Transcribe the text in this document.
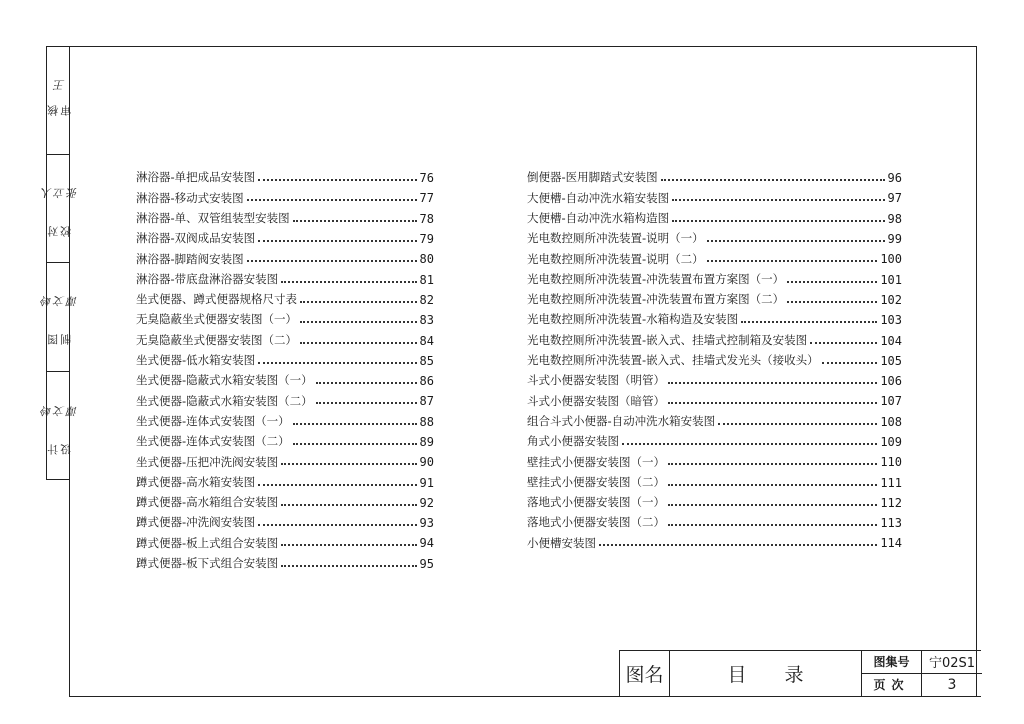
审核 王
校对 张立人
制图 谭文岭
设计 谭文岭
淋浴器-单把成品安装图	76
淋浴器-移动式安装图	77
淋浴器-单、双管组装型安装图	78
淋浴器-双阀成品安装图	79
淋浴器-脚踏阀安装图	80
淋浴器-带底盘淋浴器安装图	81
坐式便器、蹲式便器规格尺寸表	82
无臭隐蔽坐式便器安装图（一）	83
无臭隐蔽坐式便器安装图（二）	84
坐式便器-低水箱安装图	85
坐式便器-隐蔽式水箱安装图（一）	86
坐式便器-隐蔽式水箱安装图（二）	87
坐式便器-连体式安装图（一）	88
坐式便器-连体式安装图（二）	89
坐式便器-压把冲洗阀安装图	90
蹲式便器-高水箱安装图	91
蹲式便器-高水箱组合安装图	92
蹲式便器-冲洗阀安装图	93
蹲式便器-板上式组合安装图	94
蹲式便器-板下式组合安装图	95
倒便器-医用脚踏式安装图	96
大便槽-自动冲洗水箱安装图	97
大便槽-自动冲洗水箱构造图	98
光电数控厕所冲洗装置-说明（一）	99
光电数控厕所冲洗装置-说明（二）	100
光电数控厕所冲洗装置-冲洗装置布置方案图（一）	101
光电数控厕所冲洗装置-冲洗装置布置方案图（二）	102
光电数控厕所冲洗装置-水箱构造及安装图	103
光电数控厕所冲洗装置-嵌入式、挂墙式控制箱及安装图	104
光电数控厕所冲洗装置-嵌入式、挂墙式发光头（接收头）	105
斗式小便器安装图（明管）	106
斗式小便器安装图（暗管）	107
组合斗式小便器-自动冲洗水箱安装图	108
角式小便器安装图	109
壁挂式小便器安装图（一）	110
壁挂式小便器安装图（二）	111
落地式小便器安装图（一）	112
落地式小便器安装图（二）	113
小便槽安装图	114
图名	目录
图集号	宁02S1
页次	3
